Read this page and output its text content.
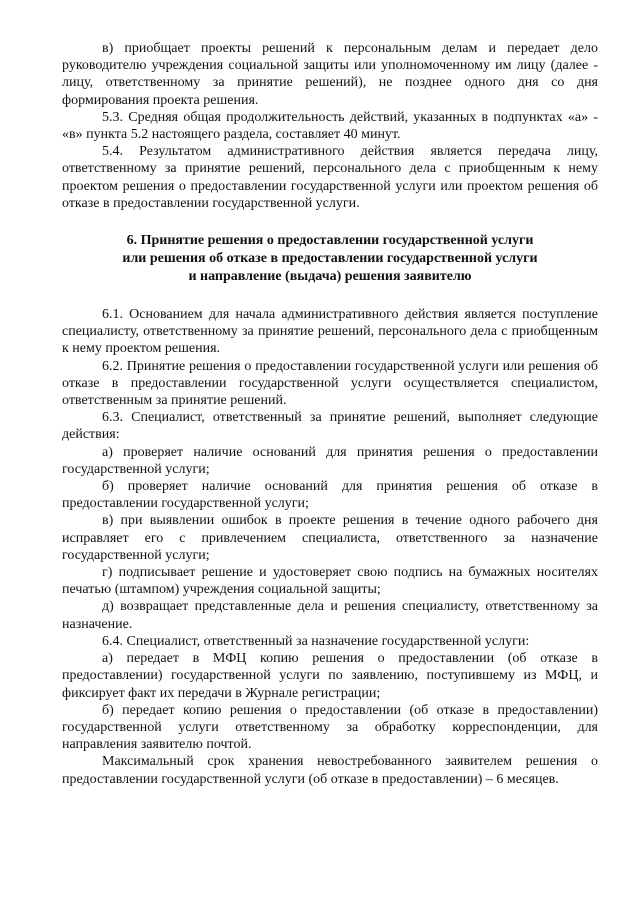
в) приобщает проекты решений к персональным делам и передает дело руководителю учреждения социальной защиты или уполномоченному им лицу (далее - лицу, ответственному за принятие решений), не позднее одного дня со дня формирования проекта решения.

5.3. Средняя общая продолжительность действий, указанных в подпунктах «а» - «в» пункта 5.2 настоящего раздела, составляет 40 минут.

5.4. Результатом административного действия является передача лицу, ответственному за принятие решений, персонального дела с приобщенным к нему проектом решения о предоставлении государственной услуги или проектом решения об отказе в предоставлении государственной услуги.

6. Принятие решения о предоставлении государственной услуги
или решения об отказе в предоставлении государственной услуги
и направление (выдача) решения заявителю

6.1. Основанием для начала административного действия является поступление специалисту, ответственному за принятие решений, персонального дела с приобщенным к нему проектом решения.

6.2. Принятие решения о предоставлении государственной услуги или решения об отказе в предоставлении государственной услуги осуществляется специалистом, ответственным за принятие решений.

6.3. Специалист, ответственный за принятие решений, выполняет следующие действия:

а) проверяет наличие оснований для принятия решения о предоставлении государственной услуги;

б) проверяет наличие оснований для принятия решения об отказе в предоставлении государственной услуги;

в) при выявлении ошибок в проекте решения в течение одного рабочего дня исправляет его с привлечением специалиста, ответственного за назначение государственной услуги;

г) подписывает решение и удостоверяет свою подпись на бумажных носителях печатью (штампом) учреждения социальной защиты;

д) возвращает представленные дела и решения специалисту, ответственному за назначение.

6.4. Специалист, ответственный за назначение государственной услуги:

а) передает в МФЦ копию решения о предоставлении (об отказе в предоставлении) государственной услуги по заявлению, поступившему из МФЦ, и фиксирует факт их передачи в Журнале регистрации;

б) передает копию решения о предоставлении (об отказе в предоставлении) государственной услуги ответственному за обработку корреспонденции, для направления заявителю почтой.

Максимальный срок хранения невостребованного заявителем решения о предоставлении государственной услуги (об отказе в предоставлении) – 6 месяцев.
